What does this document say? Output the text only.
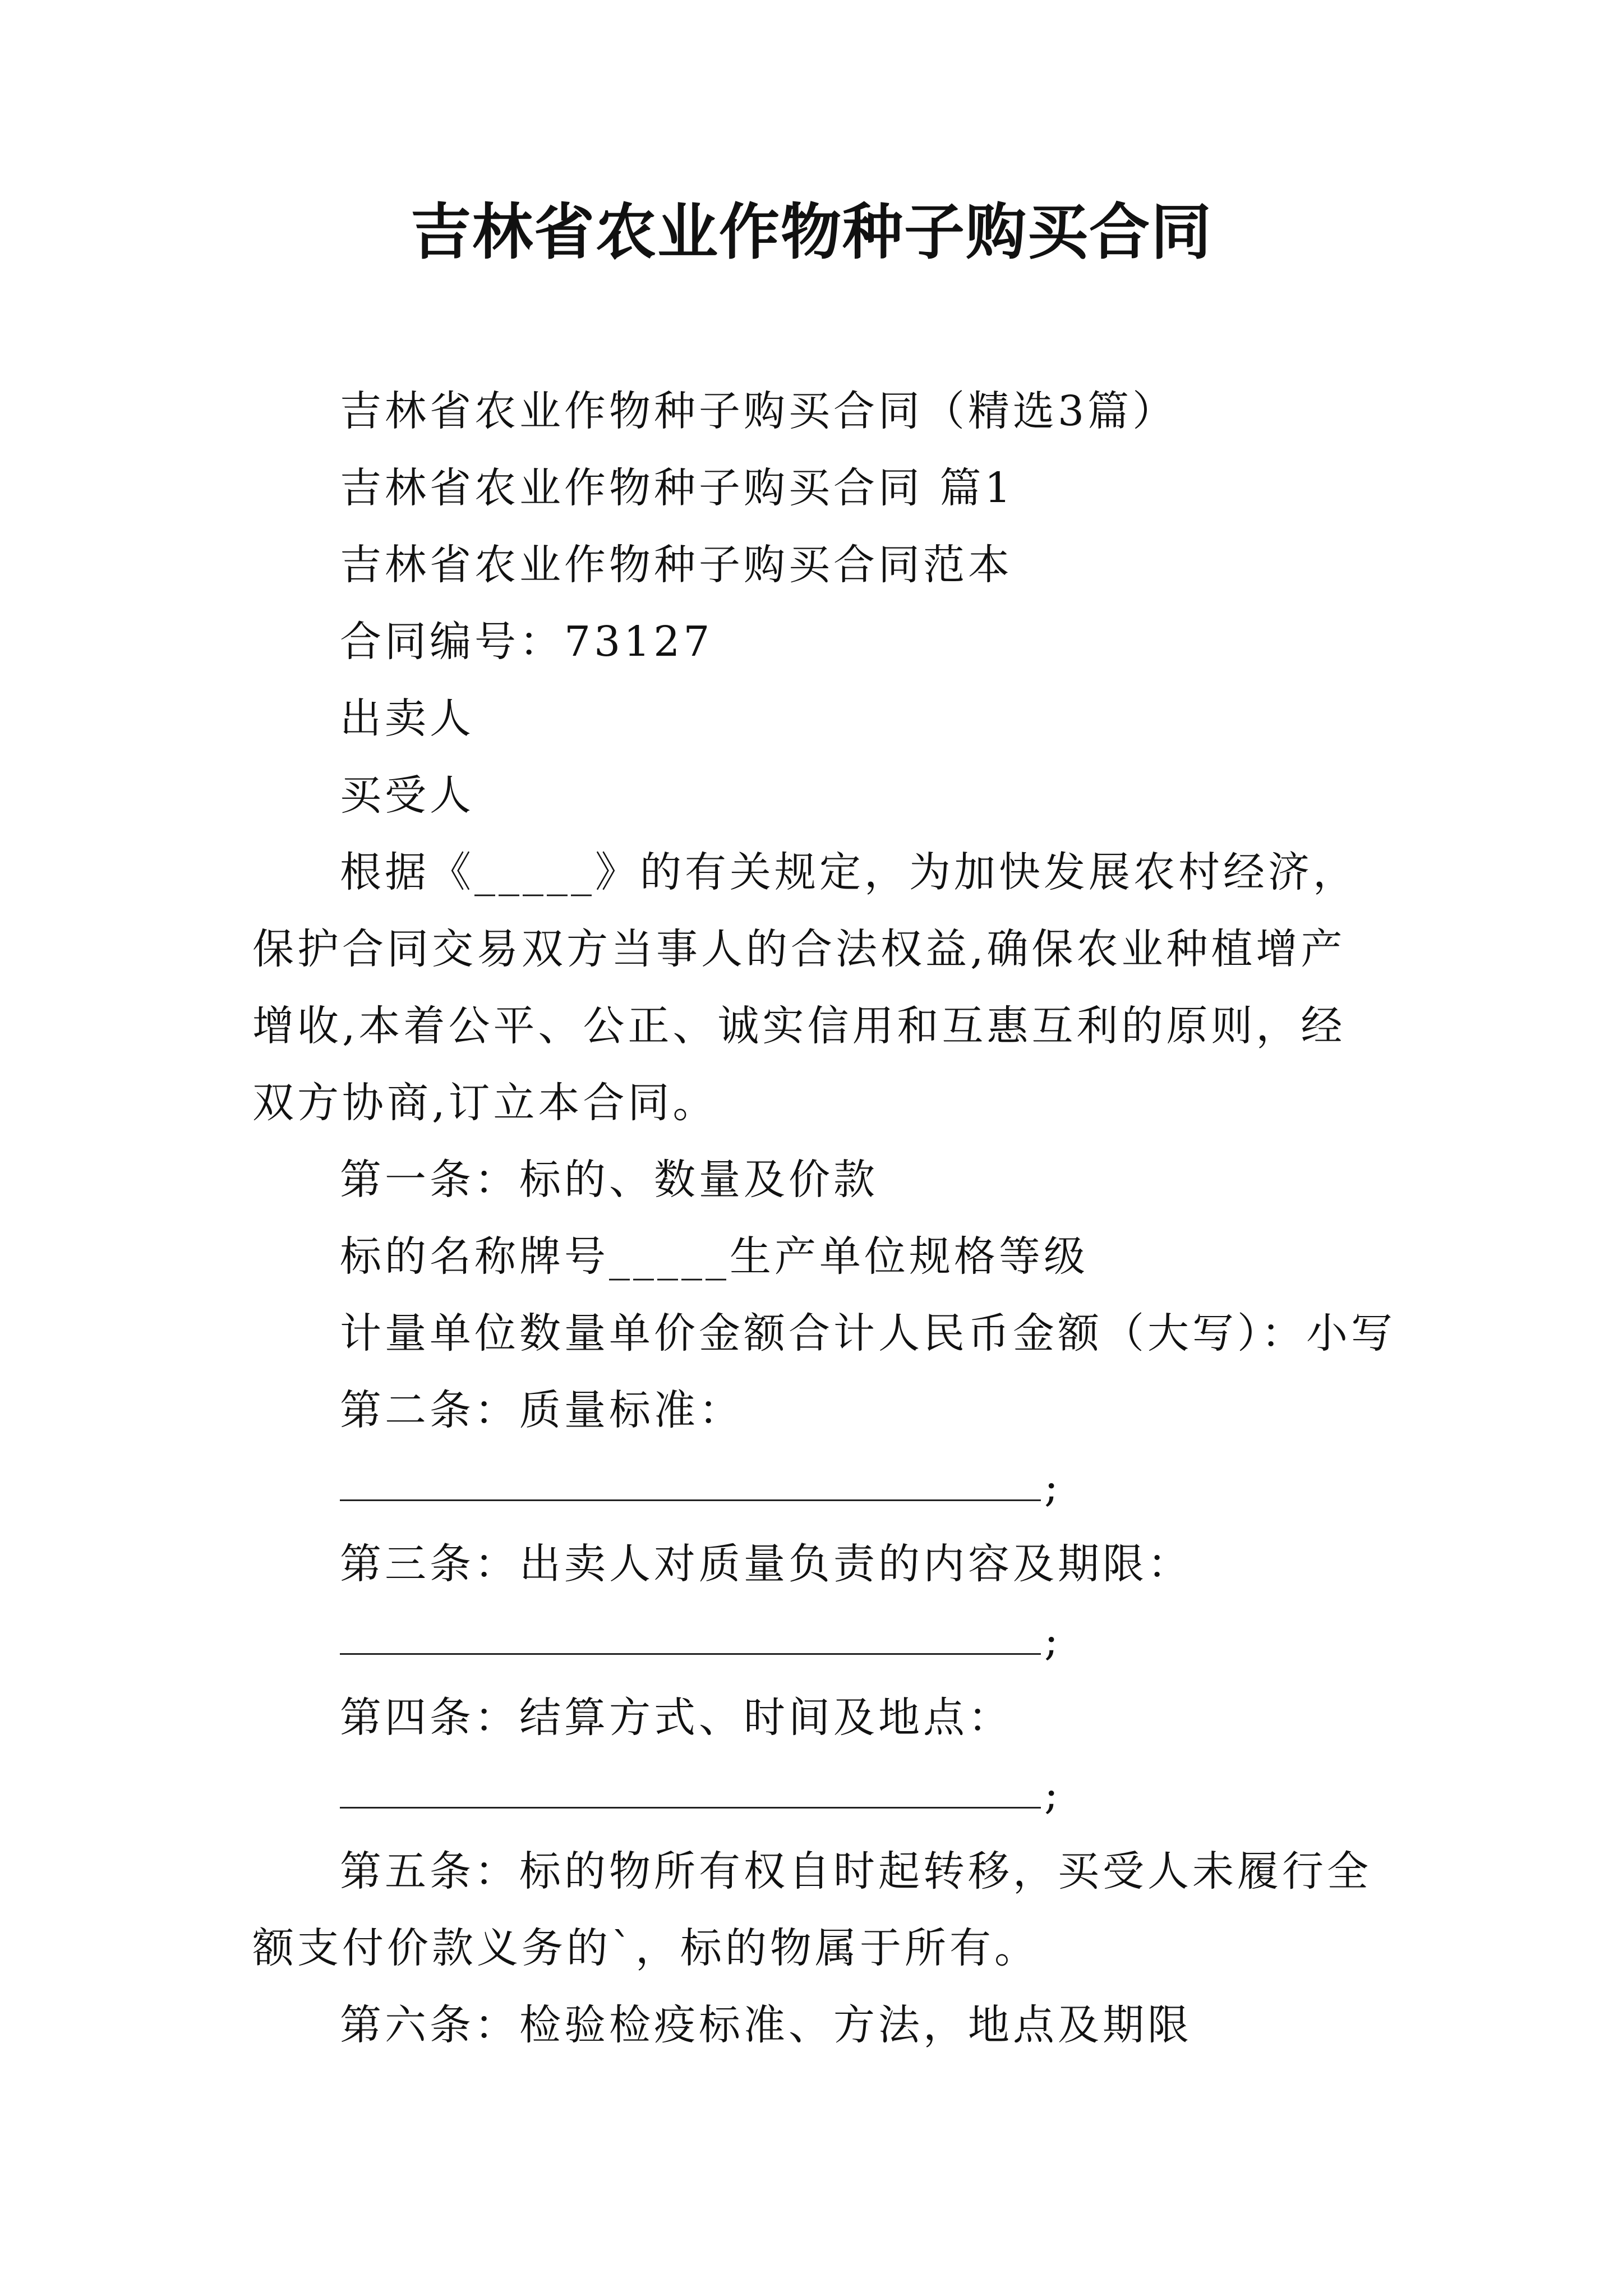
吉林省农业作物种子购买合同

吉林省农业作物种子购买合同（精选3篇）

吉林省农业作物种子购买合同 篇1

吉林省农业作物种子购买合同范本

合同编号：73127

出卖人

买受人

根据《_____》的有关规定，为加快发展农村经济，保护合同交易双方当事人的合法权益,确保农业种植增产增收,本着公平、公正、诚实信用和互惠互利的原则，经双方协商,订立本合同。

第一条：标的、数量及价款

标的名称牌号_____生产单位规格等级

计量单位数量单价金额合计人民币金额（大写）：小写

第二条：质量标准：

;

第三条：出卖人对质量负责的内容及期限：

;

第四条：结算方式、时间及地点：

;

第五条：标的物所有权自时起转移，买受人未履行全额支付价款义务的`，标的物属于所有。

第六条：检验检疫标准、方法，地点及期限
